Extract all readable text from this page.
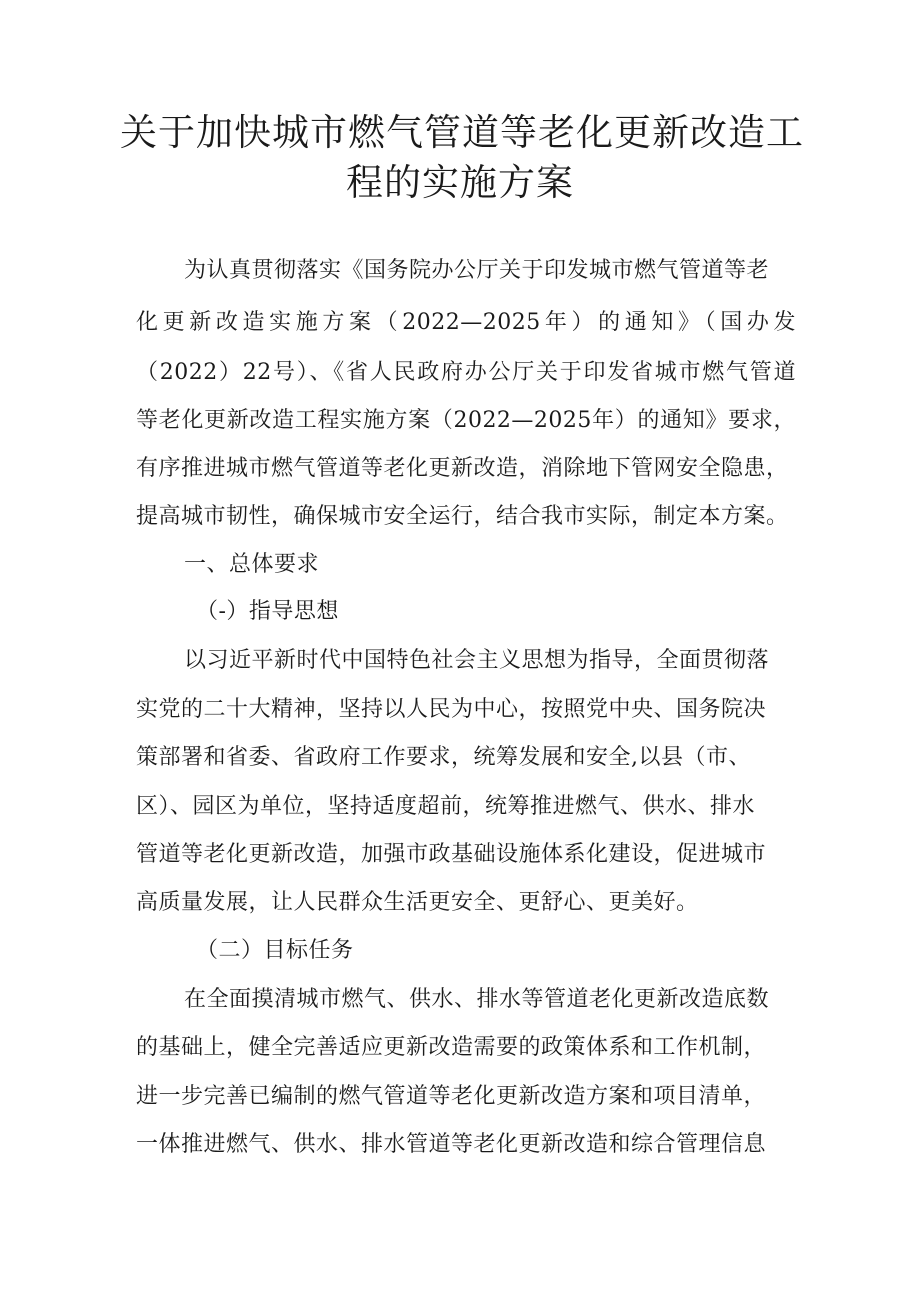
关于加快城市燃气管道等老化更新改造工
程的实施方案
为认真贯彻落实《国务院办公厅关于印发城市燃气管道等老
化更新改造实施方案（2022—2025年）的通知》（国办发
（2022）22号）、《省人民政府办公厅关于印发省城市燃气管道
等老化更新改造工程实施方案（2022—2025年）的通知》要求，
有序推进城市燃气管道等老化更新改造，消除地下管网安全隐患，
提高城市韧性，确保城市安全运行，结合我市实际，制定本方案。
一、总体要求
（-）指导思想
以习近平新时代中国特色社会主义思想为指导，全面贯彻落
实党的二十大精神，坚持以人民为中心，按照党中央、国务院决
策部署和省委、省政府工作要求，统筹发展和安全,以县（市、
区）、园区为单位，坚持适度超前，统筹推进燃气、供水、排水
管道等老化更新改造，加强市政基础设施体系化建设，促进城市
高质量发展，让人民群众生活更安全、更舒心、更美好。
（二）目标任务
在全面摸清城市燃气、供水、排水等管道老化更新改造底数
的基础上，健全完善适应更新改造需要的政策体系和工作机制，
进一步完善已编制的燃气管道等老化更新改造方案和项目清单，
一体推进燃气、供水、排水管道等老化更新改造和综合管理信息
